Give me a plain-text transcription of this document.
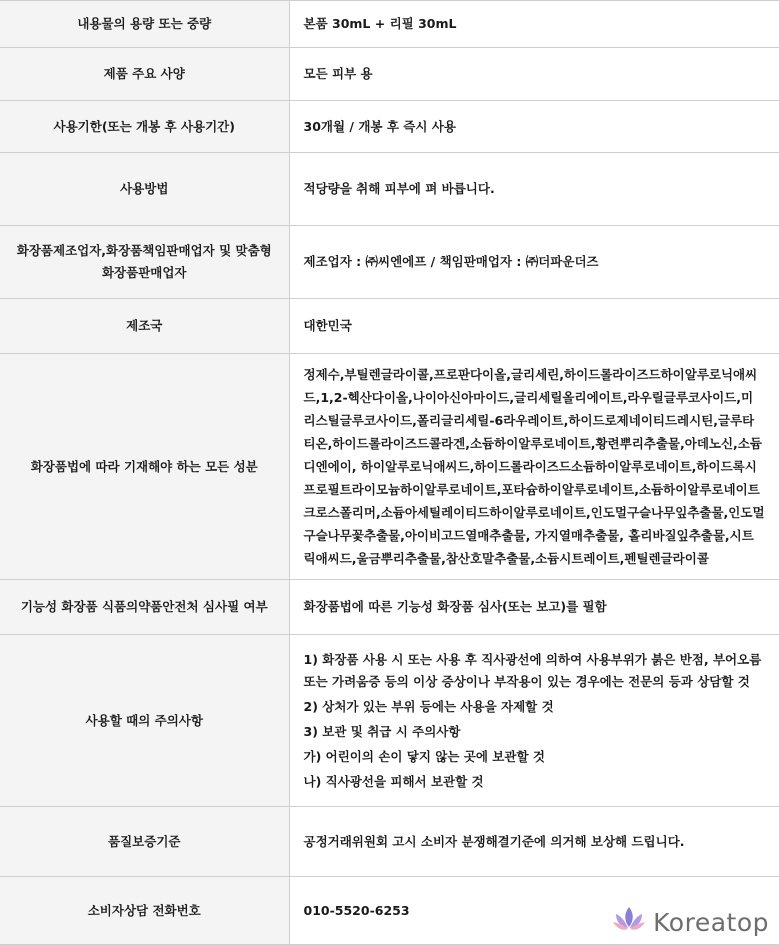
내용물의 용량 또는 중량	본품 30mL + 리필 30mL
제품 주요 사양	모든 피부 용
사용기한(또는 개봉 후 사용기간)	30개월 / 개봉 후 즉시 사용
사용방법	적당량을 취해 피부에 펴 바릅니다.
화장품제조업자,화장품책임판매업자 및 맞춤형화장품판매업자	제조업자 : ㈜씨엔에프 / 책임판매업자 : ㈜더파운더즈
제조국	대한민국
화장품법에 따라 기재해야 하는 모든 성분	정제수,부틸렌글라이콜,프로판다이올,글리세린,하이드롤라이즈드하이알루로닉애씨드,1,2-헥산다이올,나이아신아마이드,글리세릴올리에이트,라우릴글루코사이드,미리스틸글루코사이드,폴리글리세릴-6라우레이트,하이드로제네이티드레시틴,글루타티온,하이드롤라이즈드콜라겐,소듐하이알루로네이트,황련뿌리추출물,아데노신,소듐디엔에이, 하이알루로닉애씨드,하이드롤라이즈드소듐하이알루로네이트,하이드록시프로필트라이모늄하이알루로네이트,포타슘하이알루로네이트,소듐하이알루로네이트크로스폴리머,소듐아세틸레이티드하이알루로네이트,인도멀구슬나무잎추출물,인도멀구슬나무꽃추출물,아이비고드열매추출물, 가지열매추출물, 홀리바질잎추출물,시트릭애씨드,울금뿌리추출물,참산호말추출물,소듐시트레이트,펜틸렌글라이콜
기능성 화장품 식품의약품안전처 심사필 여부	화장품법에 따른 기능성 화장품 심사(또는 보고)를 필함
사용할 때의 주의사항	1) 화장품 사용 시 또는 사용 후 직사광선에 의하여 사용부위가 붉은 반점, 부어오름 또는 가려움증 등의 이상 증상이나 부작용이 있는 경우에는 전문의 등과 상담할 것
2) 상처가 있는 부위 등에는 사용을 자제할 것
3) 보관 및 취급 시 주의사항
가) 어린이의 손이 닿지 않는 곳에 보관할 것
나) 직사광선을 피해서 보관할 것

품질보증기준	공정거래위원회 고시 소비자 분쟁해결기준에 의거해 보상해 드립니다.
소비자상담 전화번호	010-5520-6253	Koreatop
